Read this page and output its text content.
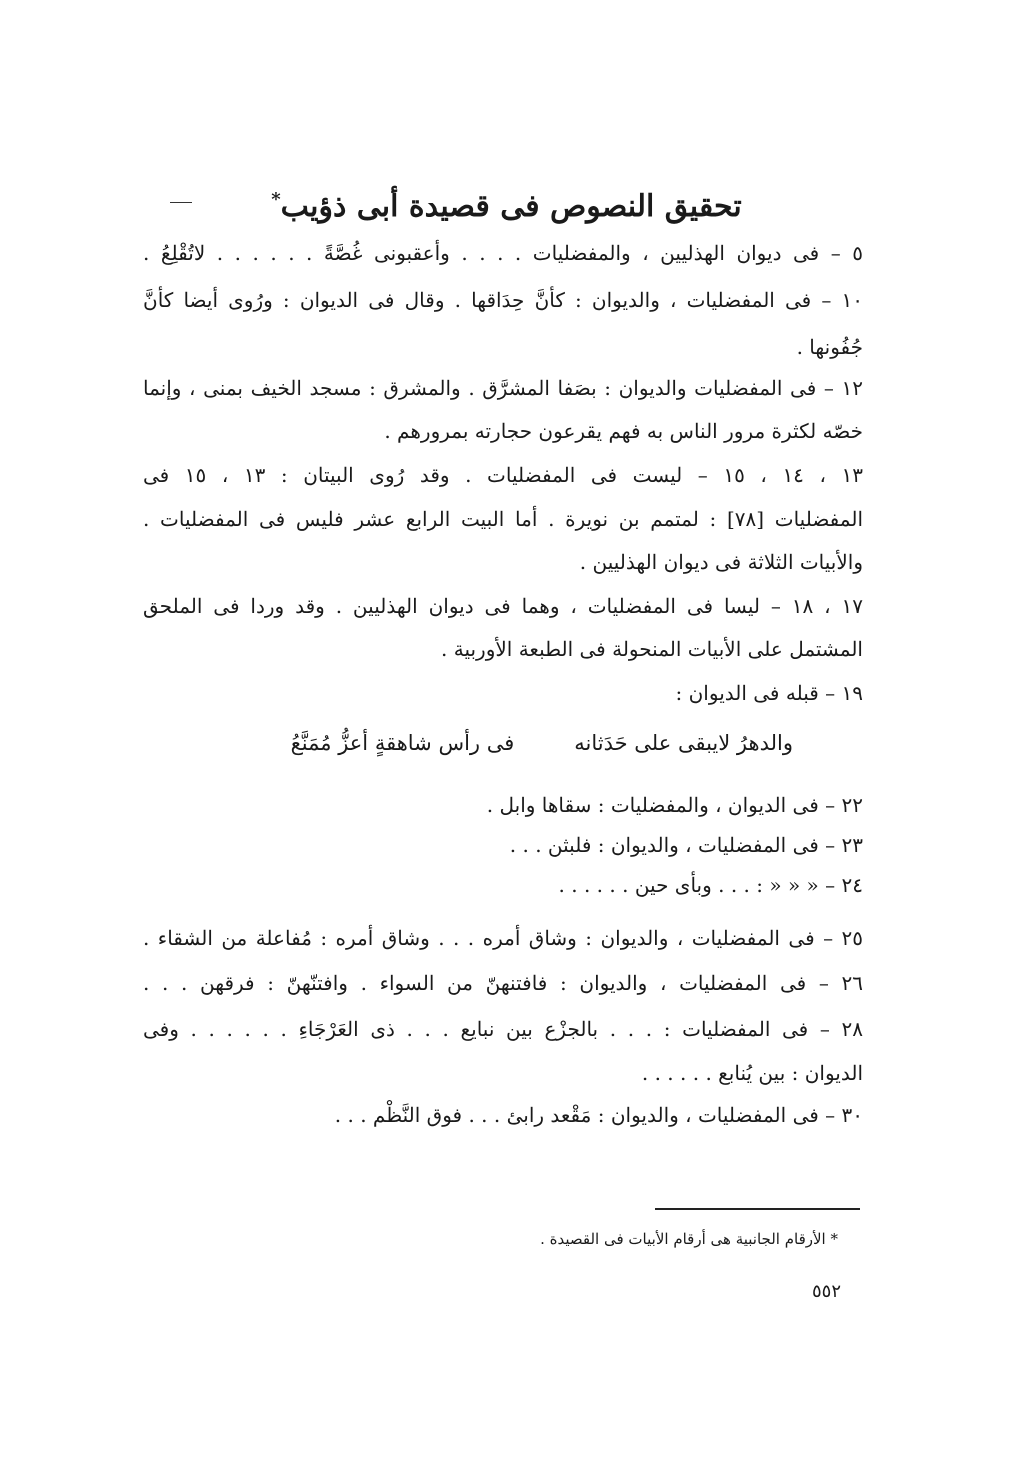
تحقيق النصوص فى قصيدة أبى ذؤيب*
٥ – فى ديوان الهذليين ، والمفضليات . . . . وأعقبونى غُصَّةً . . . . . . لاتُقْلِعُ .
١٠ – فى المفضليات ، والديوان : كأنَّ حِدَاقها . وقال فى الديوان : ورُوى أيضا كأنَّ
جُفُونها .
١٢ – فى المفضليات والديوان : بصَفا المشرَّق . والمشرق : مسجد الخيف بمنى ، وإنما
خصّه لكثرة مرور الناس به فهم يقرعون حجارته بمرورهم .
١٣ ، ١٤ ، ١٥ – ليست فى المفضليات . وقد رُوى البيتان : ١٣ ، ١٥ فى
المفضليات [٧٨] : لمتمم بن نويرة . أما البيت الرابع عشر فليس فى المفضليات .
والأبيات الثلاثة فى ديوان الهذليين .
١٧ ، ١٨ – ليسا فى المفضليات ، وهما فى ديوان الهذليين . وقد وردا فى الملحق
المشتمل على الأبيات المنحولة فى الطبعة الأوربية .
١٩ – قبله فى الديوان :
والدهرُ لايبقى على حَدَثانهفى رأس شاهقةٍ أعزُّ مُمَنَّعُ
٢٢ – فى الديوان ، والمفضليات : سقاها وابل .
٢٣ – فى المفضليات ، والديوان : فلبثن . . .
٢٤ – « « « : . . . وبأى حين . . . . . .
٢٥ – فى المفضليات ، والديوان : وشاق أمره . . . وشاق أمره : مُفاعلة من الشقاء .
٢٦ – فى المفضليات ، والديوان : فافتنهنّ من السواء . وافتنّهنّ : فرقهن . . .
٢٨ – فى المفضليات : . . . بالجزْع بين نبايع . . . ذى العَرْجَاءِ . . . . . . وفى
الديوان : بين يُنابع . . . . . .
٣٠ – فى المفضليات ، والديوان : مَقْعد رابئ . . . فوق النَّظْم . . .
* الأرقام الجانبية هى أرقام الأبيات فى القصيدة .
٥٥٢
